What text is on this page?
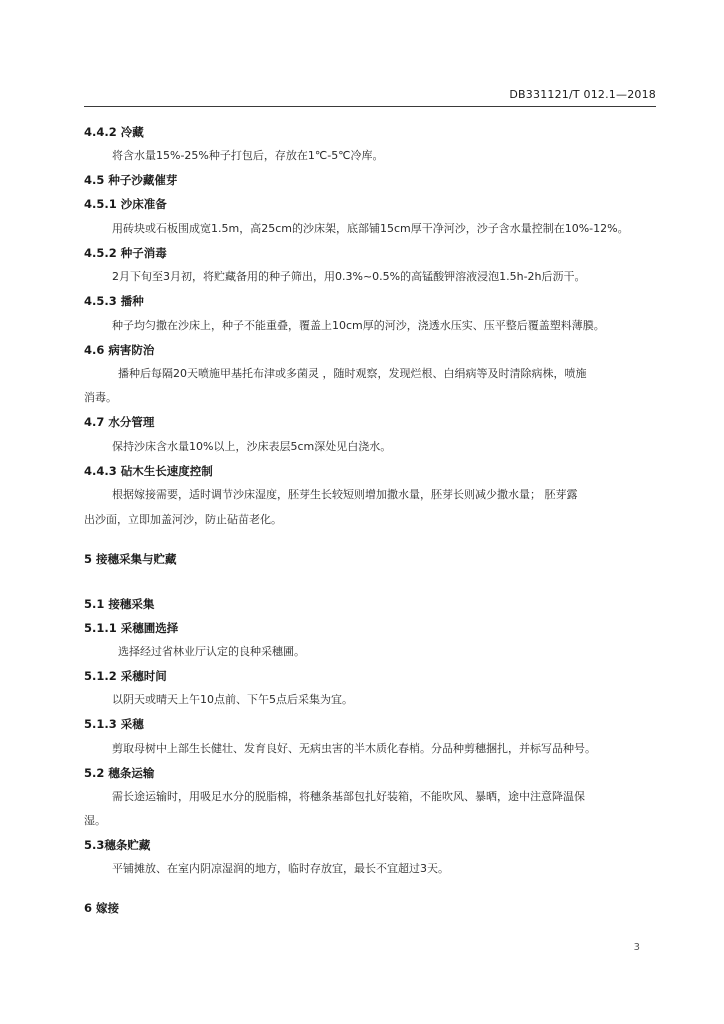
DB331121/T 012.1—2018
4.4.2 冷藏
将含水量15%-25%种子打包后，存放在1℃-5℃冷库。
4.5 种子沙藏催芽
4.5.1 沙床准备
用砖块或石板围成宽1.5m，高25cm的沙床架，底部铺15cm厚干净河沙，沙子含水量控制在10%-12%。
4.5.2 种子消毒
2月下旬至3月初，将贮藏备用的种子筛出，用0.3%~0.5%的高锰酸钾溶液浸泡1.5h-2h后沥干。
4.5.3 播种
种子均匀撒在沙床上，种子不能重叠，覆盖上10cm厚的河沙，浇透水压实、压平整后覆盖塑料薄膜。
4.6 病害防治
播种后每隔20天喷施甲基托布津或多菌灵 ，随时观察，发现烂根、白绢病等及时清除病株，喷施
消毒。
4.7 水分管理
保持沙床含水量10%以上，沙床表层5cm深处见白浇水。
4.4.3 砧木生长速度控制
根据嫁接需要，适时调节沙床湿度，胚芽生长较短则增加撒水量，胚芽长则减少撒水量； 胚芽露
出沙面，立即加盖河沙，防止砧苗老化。
5 接穗采集与贮藏
5.1 接穗采集
5.1.1 采穗圃选择
选择经过省林业厅认定的良种采穗圃。
5.1.2 采穗时间
以阴天或晴天上午10点前、下午5点后采集为宜。
5.1.3 采穗
剪取母树中上部生长健壮、发育良好、无病虫害的半木质化春梢。分品种剪穗捆扎，并标写品种号。
5.2 穗条运输
需长途运输时，用吸足水分的脱脂棉，将穗条基部包扎好装箱，不能吹风、暴晒，途中注意降温保
湿。
5.3穗条贮藏
平铺摊放、在室内阴凉湿润的地方，临时存放宜，最长不宜超过3天。
6 嫁接
3
